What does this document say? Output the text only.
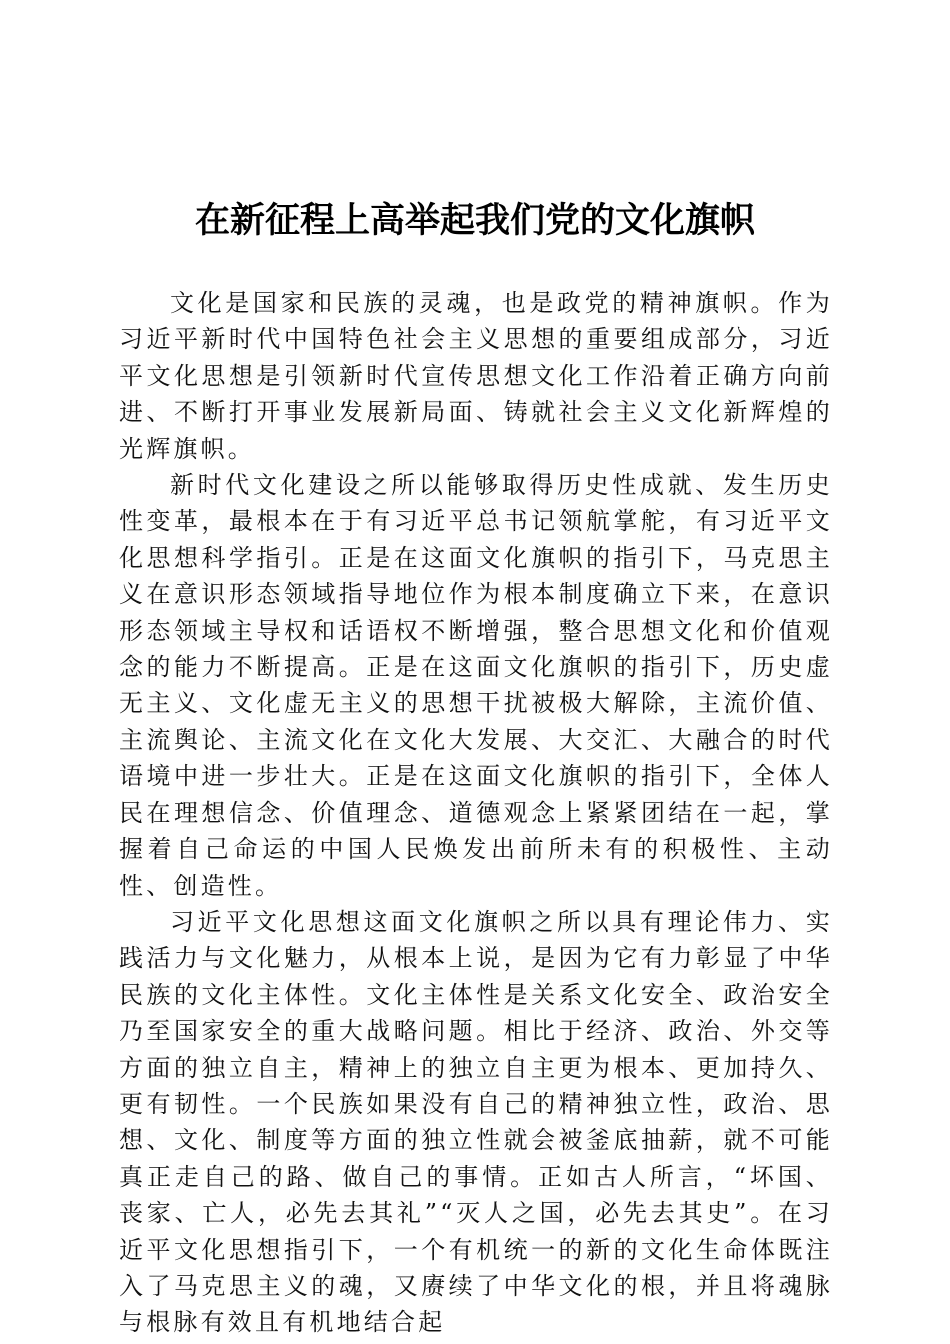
在新征程上高举起我们党的文化旗帜

文化是国家和民族的灵魂，也是政党的精神旗帜。作为习近平新时代中国特色社会主义思想的重要组成部分，习近平文化思想是引领新时代宣传思想文化工作沿着正确方向前进、不断打开事业发展新局面、铸就社会主义文化新辉煌的光辉旗帜。

新时代文化建设之所以能够取得历史性成就、发生历史性变革，最根本在于有习近平总书记领航掌舵，有习近平文化思想科学指引。正是在这面文化旗帜的指引下，马克思主义在意识形态领域指导地位作为根本制度确立下来，在意识形态领域主导权和话语权不断增强，整合思想文化和价值观念的能力不断提高。正是在这面文化旗帜的指引下，历史虚无主义、文化虚无主义的思想干扰被极大解除，主流价值、主流舆论、主流文化在文化大发展、大交汇、大融合的时代语境中进一步壮大。正是在这面文化旗帜的指引下，全体人民在理想信念、价值理念、道德观念上紧紧团结在一起，掌握着自己命运的中国人民焕发出前所未有的积极性、主动性、创造性。

习近平文化思想这面文化旗帜之所以具有理论伟力、实践活力与文化魅力，从根本上说，是因为它有力彰显了中华民族的文化主体性。文化主体性是关系文化安全、政治安全乃至国家安全的重大战略问题。相比于经济、政治、外交等方面的独立自主，精神上的独立自主更为根本、更加持久、更有韧性。一个民族如果没有自己的精神独立性，政治、思想、文化、制度等方面的独立性就会被釜底抽薪，就不可能真正走自己的路、做自己的事情。正如古人所言，“坏国、丧家、亡人，必先去其礼”“灭人之国，必先去其史”。在习近平文化思想指引下，一个有机统一的新的文化生命体既注入了马克思主义的魂，又赓续了中华文化的根，并且将魂脉与根脉有效且有机地结合起
